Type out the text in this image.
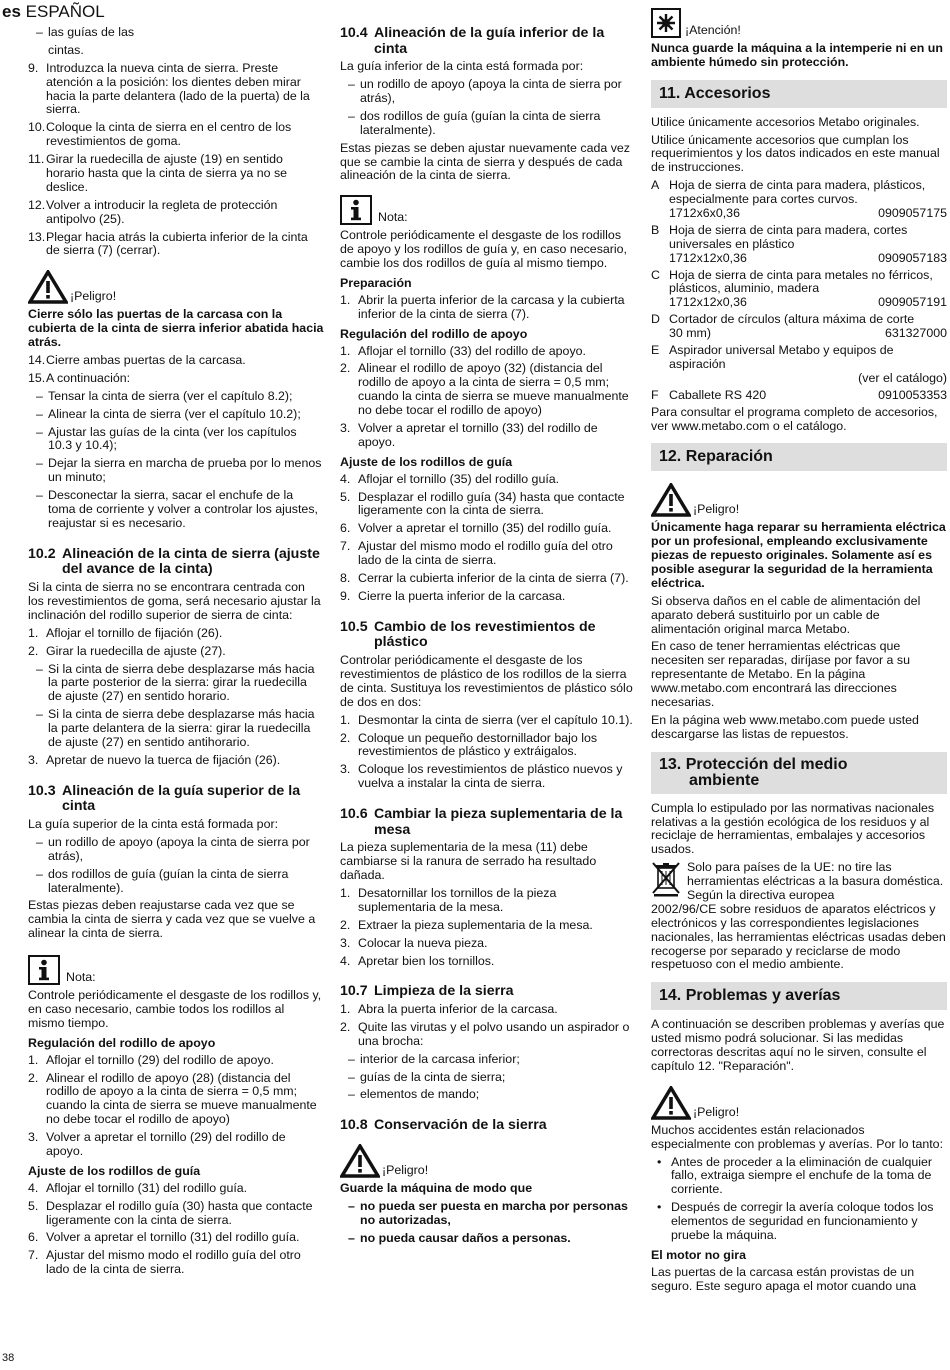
es ESPAÑOL
– las guías de las

cintas.

9. Introduzca la nueva cinta de sierra. Preste atención a la posición: los dientes deben mirar hacia la parte delantera (lado de la puerta) de la sierra.
10. Coloque la cinta de sierra en el centro de los revestimientos de goma.
11. Girar la ruedecilla de ajuste (19) en sentido horario hasta que la cinta de sierra ya no se deslice.
12. Volver a introducir la regleta de protección antipolvo (25).
13. Plegar hacia atrás la cubierta inferior de la cinta de sierra (7) (cerrar).
¡Peligro!

Cierre sólo las puertas de la carcasa con la cubierta de la cinta de sierra inferior abatida hacia atrás.

14. Cierre ambas puertas de la carcasa.
15. A continuación:
– Tensar la cinta de sierra (ver el capítulo 8.2);
– Alinear la cinta de sierra (ver el capítulo 10.2);
– Ajustar las guías de la cinta (ver los capítulos 10.3 y 10.4);
– Dejar la sierra en marcha de prueba por lo menos un minuto;
– Desconectar la sierra, sacar el enchufe de la toma de corriente y volver a controlar los ajustes, reajustar si es necesario.
10.2 Alineación de la cinta de sierra (ajuste del avance de la cinta)

Si la cinta de sierra no se encontrara centrada con los revestimientos de goma, será necesario ajustar la inclinación del rodillo superior de sierra de cinta:

1. Aflojar el tornillo de fijación (26).
2. Girar la ruedecilla de ajuste (27).
– Si la cinta de sierra debe desplazarse más hacia la parte posterior de la sierra: girar la ruedecilla de ajuste (27) en sentido horario.
– Si la cinta de sierra debe desplazarse más hacia la parte delantera de la sierra: girar la ruedecilla de ajuste (27) en sentido antihorario.
3. Apretar de nuevo la tuerca de fijación (26).
10.3 Alineación de la guía superior de la cinta

La guía superior de la cinta está formada por:

– un rodillo de apoyo (apoya la cinta de sierra por atrás),
– dos rodillos de guía (guían la cinta de sierra lateralmente).

Estas piezas deben reajustarse cada vez que se cambia la cinta de sierra y cada vez que se vuelve a alinear la cinta de sierra.

Nota:

Controle periódicamente el desgaste de los rodillos y, en caso necesario, cambie todos los rodillos al mismo tiempo.

Regulación del rodillo de apoyo
1. Aflojar el tornillo (29) del rodillo de apoyo.
2. Alinear el rodillo de apoyo (28) (distancia del rodillo de apoyo a la cinta de sierra = 0,5 mm; cuando la cinta de sierra se mueve manualmente no debe tocar el rodillo de apoyo)
3. Volver a apretar el tornillo (29) del rodillo de apoyo.
Ajuste de los rodillos de guía
4. Aflojar el tornillo (31) del rodillo guía.
5. Desplazar el rodillo guía (30) hasta que contacte ligeramente con la cinta de sierra.
6. Volver a apretar el tornillo (31) del rodillo guía.
7. Ajustar del mismo modo el rodillo guía del otro lado de la cinta de sierra.
10.4 Alineación de la guía inferior de la cinta

La guía inferior de la cinta está formada por:

– un rodillo de apoyo (apoya la cinta de sierra por atrás),
– dos rodillos de guía (guían la cinta de sierra lateralmente).

Estas piezas se deben ajustar nuevamente cada vez que se cambie la cinta de sierra y después de cada alineación de la cinta de sierra.

Nota:

Controle periódicamente el desgaste de los rodillos de apoyo y los rodillos de guía y, en caso necesario, cambie los dos rodillos de guía al mismo tiempo.

Preparación
1. Abrir la puerta inferior de la carcasa y la cubierta inferior de la cinta de sierra (7).
Regulación del rodillo de apoyo
1. Aflojar el tornillo (33) del rodillo de apoyo.
2. Alinear el rodillo de apoyo (32) (distancia del rodillo de apoyo a la cinta de sierra = 0,5 mm; cuando la cinta de sierra se mueve manualmente no debe tocar el rodillo de apoyo)
3. Volver a apretar el tornillo (33) del rodillo de apoyo.
Ajuste de los rodillos de guía
4. Aflojar el tornillo (35) del rodillo guía.
5. Desplazar el rodillo guía (34) hasta que contacte ligeramente con la cinta de sierra.
6. Volver a apretar el tornillo (35) del rodillo guía.
7. Ajustar del mismo modo el rodillo guía del otro lado de la cinta de sierra.
8. Cerrar la cubierta inferior de la cinta de sierra (7).
9. Cierre la puerta inferior de la carcasa.
10.5 Cambio de los revestimientos de plástico

Controlar periódicamente el desgaste de los revestimientos de plástico de los rodillos de la sierra de cinta. Sustituya los revestimientos de plástico sólo de dos en dos:

1. Desmontar la cinta de sierra (ver el capítulo 10.1).
2. Coloque un pequeño destornillador bajo los revestimientos de plástico y extráigalos.
3. Coloque los revestimientos de plástico nuevos y vuelva a instalar la cinta de sierra.
10.6 Cambiar la pieza suplementaria de la mesa

La pieza suplementaria de la mesa (11) debe cambiarse si la ranura de serrado ha resultado dañada.

1. Desatornillar los tornillos de la pieza suplementaria de la mesa.
2. Extraer la pieza suplementaria de la mesa.
3. Colocar la nueva pieza.
4. Apretar bien los tornillos.
10.7 Limpieza de la sierra
1. Abra la puerta inferior de la carcasa.
2. Quite las virutas y el polvo usando un aspirador o una brocha:
– interior de la carcasa inferior;
– guías de la cinta de sierra;
– elementos de mando;
10.8 Conservación de la sierra
¡Peligro!

Guarde la máquina de modo que

– no pueda ser puesta en marcha por personas no autorizadas,
– no pueda causar daños a personas.
¡Atención!

Nunca guarde la máquina a la intemperie ni en un ambiente húmedo sin protección.

11. Accesorios

Utilice únicamente accesorios Metabo originales.

Utilice únicamente accesorios que cumplan los requerimientos y los datos indicados en este manual de instrucciones.

A Hoja de sierra de cinta para madera, plásticos, especialmente para cortes curvos.
1712x6x0,36	0909057175
B Hoja de sierra de cinta para madera, cortes universales en plástico
1712x12x0,36	0909057183
C Hoja de sierra de cinta para metales no férricos, plásticos, aluminio, madera
1712x12x0,36	0909057191
D Cortador de círculos (altura máxima de corte
30 mm)	631327000
E Aspirador universal Metabo y equipos de aspiración
(ver el catálogo)
F Caballete RS 420	0910053353

Para consultar el programa completo de accesorios, ver www.metabo.com o el catálogo.

12. Reparación
¡Peligro!

Únicamente haga reparar su herramienta eléctrica por un profesional, empleando exclusivamente piezas de repuesto originales. Solamente así es posible asegurar la seguridad de la herramienta eléctrica.

Si observa daños en el cable de alimentación del aparato deberá sustituirlo por un cable de alimentación original marca Metabo.

En caso de tener herramientas eléctricas que necesiten ser reparadas, diríjase por favor a su representante de Metabo. En la página www.metabo.com encontrará las direcciones necesarias.

En la página web www.metabo.com puede usted descargarse las listas de repuestos.

13. Protección del medio
ambiente

Cumpla lo estipulado por las normativas nacionales relativas a la gestión ecológica de los residuos y al reciclaje de herramientas, embalajes y accesorios usados.

Solo para países de la UE: no tire las herramientas eléctricas a la basura doméstica. Según la directiva europea

2002/96/CE sobre residuos de aparatos eléctricos y electrónicos y las correspondientes legislaciones nacionales, las herramientas eléctricas usadas deben recogerse por separado y reciclarse de modo respetuoso con el medio ambiente.

14. Problemas y averías

A continuación se describen problemas y averías que usted mismo podrá solucionar. Si las medidas correctoras descritas aquí no le sirven, consulte el capítulo 12. "Reparación".

¡Peligro!

Muchos accidentes están relacionados especialmente con problemas y averías. Por lo tanto:

• Antes de proceder a la eliminación de cualquier fallo, extraiga siempre el enchufe de la toma de corriente.
• Después de corregir la avería coloque todos los elementos de seguridad en funcionamiento y pruebe la máquina.
El motor no gira

Las puertas de la carcasa están provistas de un seguro. Este seguro apaga el motor cuando una

38
